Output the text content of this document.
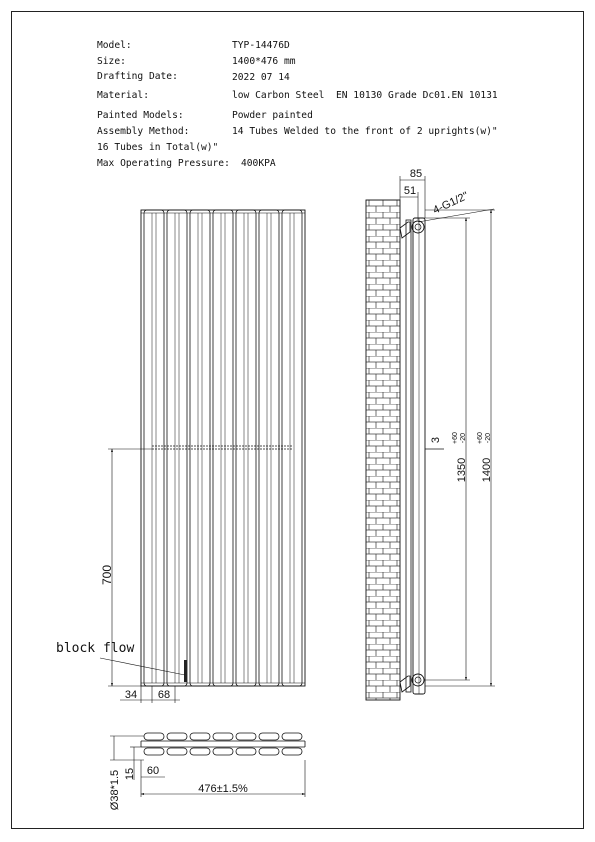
Model:	TYP-14476D
Size:	1400*476 mm
Drafting Date:	2022 07 14
Material:	low Carbon Steel  EN 10130 Grade Dc01.EN 10131
Painted Models:	Powder painted
Assembly Method:	14 Tubes Welded to the front of 2 uprights(w)"
16 Tubes in Total(w)"
Max Operating Pressure: 400KPA
700
block flow
34 68
85
51 4-G1/2"
3
1350
+60 -20
1400
+60 -20
Ø38*1.5 15 60
476±1.5%
